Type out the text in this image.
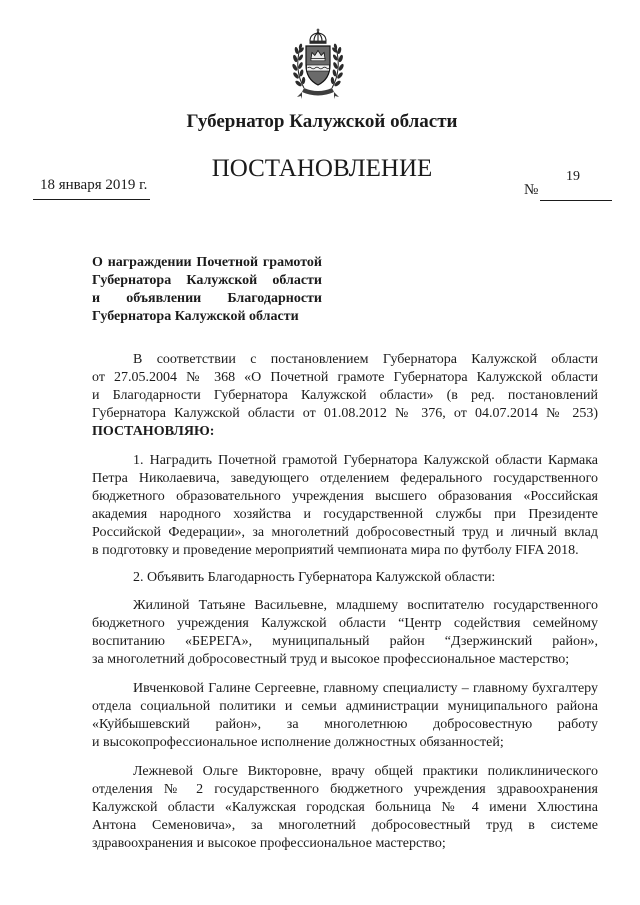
Губернатор Калужской области
ПОСТАНОВЛЕНИЕ
18 января 2019 г.	№
19
О награждении Почетной грамотой
Губернатора Калужской области
и объявлении Благодарности
Губернатора Калужской области
В соответствии с постановлением Губернатора Калужской области
от 27.05.2004 № 368 «О Почетной грамоте Губернатора Калужской области
и Благодарности Губернатора Калужской области» (в ред. постановлений
Губернатора Калужской области от 01.08.2012 № 376, от 04.07.2014 № 253)
ПОСТАНОВЛЯЮ:
1. Наградить Почетной грамотой Губернатора Калужской области Кармака
Петра Николаевича, заведующего отделением федерального государственного
бюджетного образовательного учреждения высшего образования «Российская
академия народного хозяйства и государственной службы при Президенте
Российской Федерации», за многолетний добросовестный труд и личный вклад
в подготовку и проведение мероприятий чемпионата мира по футболу FIFA 2018.
2. Объявить Благодарность Губернатора Калужской области:
Жилиной Татьяне Васильевне, младшему воспитателю государственного
бюджетного учреждения Калужской области “Центр содействия семейному
воспитанию «БЕРЕГА», муниципальный район “Дзержинский район»,
за многолетний добросовестный труд и высокое профессиональное мастерство;
Ивченковой Галине Сергеевне, главному специалисту – главному бухгалтеру
отдела социальной политики и семьи администрации муниципального района
«Куйбышевский район», за многолетнюю добросовестную работу
и высокопрофессиональное исполнение должностных обязанностей;
Лежневой Ольге Викторовне, врачу общей практики поликлинического
отделения № 2 государственного бюджетного учреждения здравоохранения
Калужской области «Калужская городская больница № 4 имени Хлюстина
Антона Семеновича», за многолетний добросовестный труд в системе
здравоохранения и высокое профессиональное мастерство;
